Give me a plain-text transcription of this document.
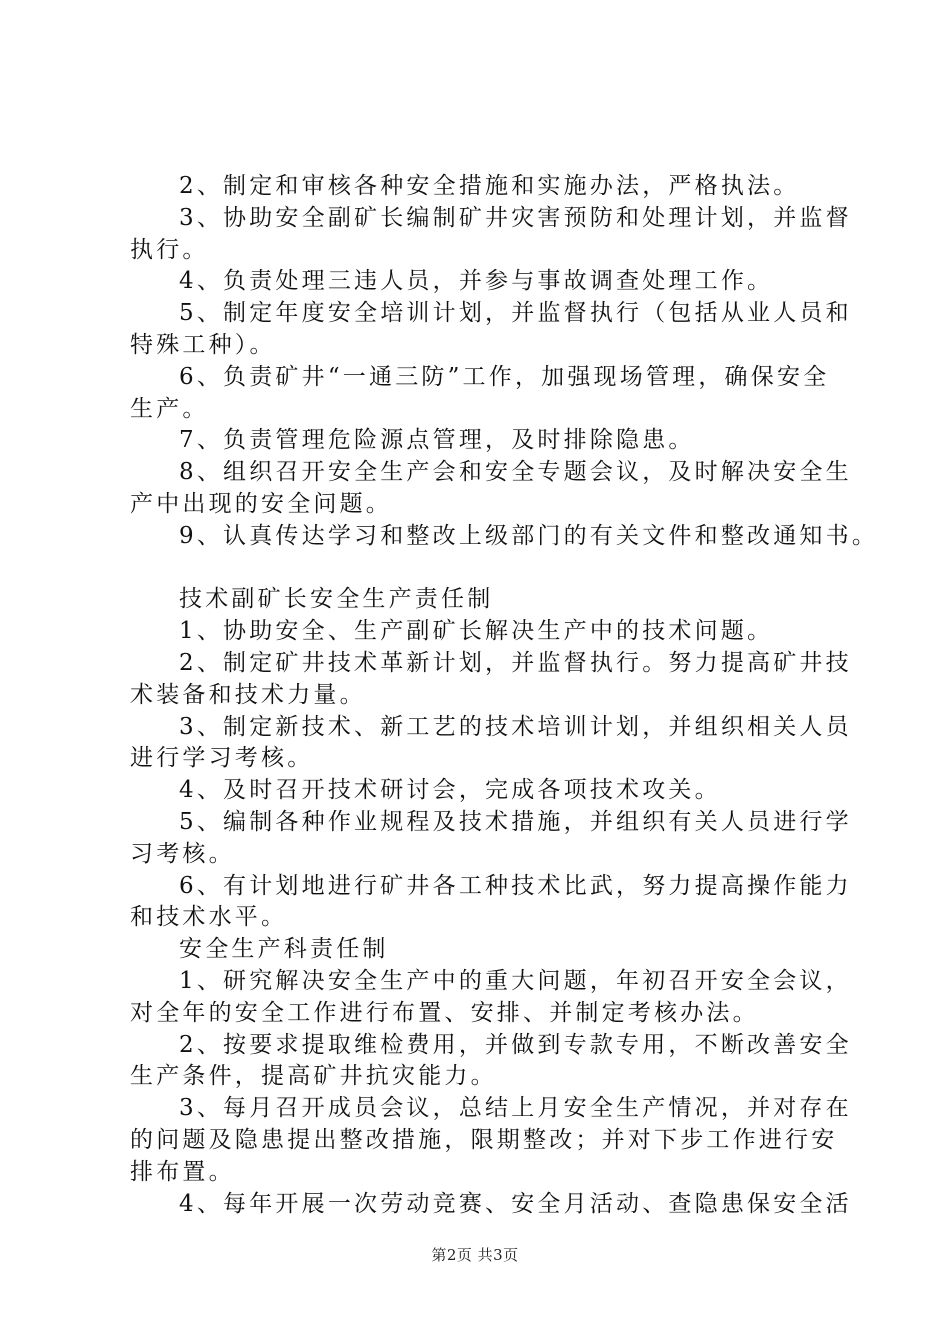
2、制定和审核各种安全措施和实施办法，严格执法。
3、协助安全副矿长编制矿井灾害预防和处理计划，并监督
执行。
4、负责处理三违人员，并参与事故调查处理工作。
5、制定年度安全培训计划，并监督执行（包括从业人员和
特殊工种）。
6、负责矿井“一通三防”工作，加强现场管理，确保安全
生产。
7、负责管理危险源点管理，及时排除隐患。
8、组织召开安全生产会和安全专题会议，及时解决安全生
产中出现的安全问题。
9、认真传达学习和整改上级部门的有关文件和整改通知书。
技术副矿长安全生产责任制
1、协助安全、生产副矿长解决生产中的技术问题。
2、制定矿井技术革新计划，并监督执行。努力提高矿井技
术装备和技术力量。
3、制定新技术、新工艺的技术培训计划，并组织相关人员
进行学习考核。
4、及时召开技术研讨会，完成各项技术攻关。
5、编制各种作业规程及技术措施，并组织有关人员进行学
习考核。
6、有计划地进行矿井各工种技术比武，努力提高操作能力
和技术水平。
安全生产科责任制
1、研究解决安全生产中的重大问题，年初召开安全会议，
对全年的安全工作进行布置、安排、并制定考核办法。
2、按要求提取维检费用，并做到专款专用，不断改善安全
生产条件，提高矿井抗灾能力。
3、每月召开成员会议，总结上月安全生产情况，并对存在
的问题及隐患提出整改措施，限期整改；并对下步工作进行安
排布置。
4、每年开展一次劳动竞赛、安全月活动、查隐患保安全活
第2页 共3页
